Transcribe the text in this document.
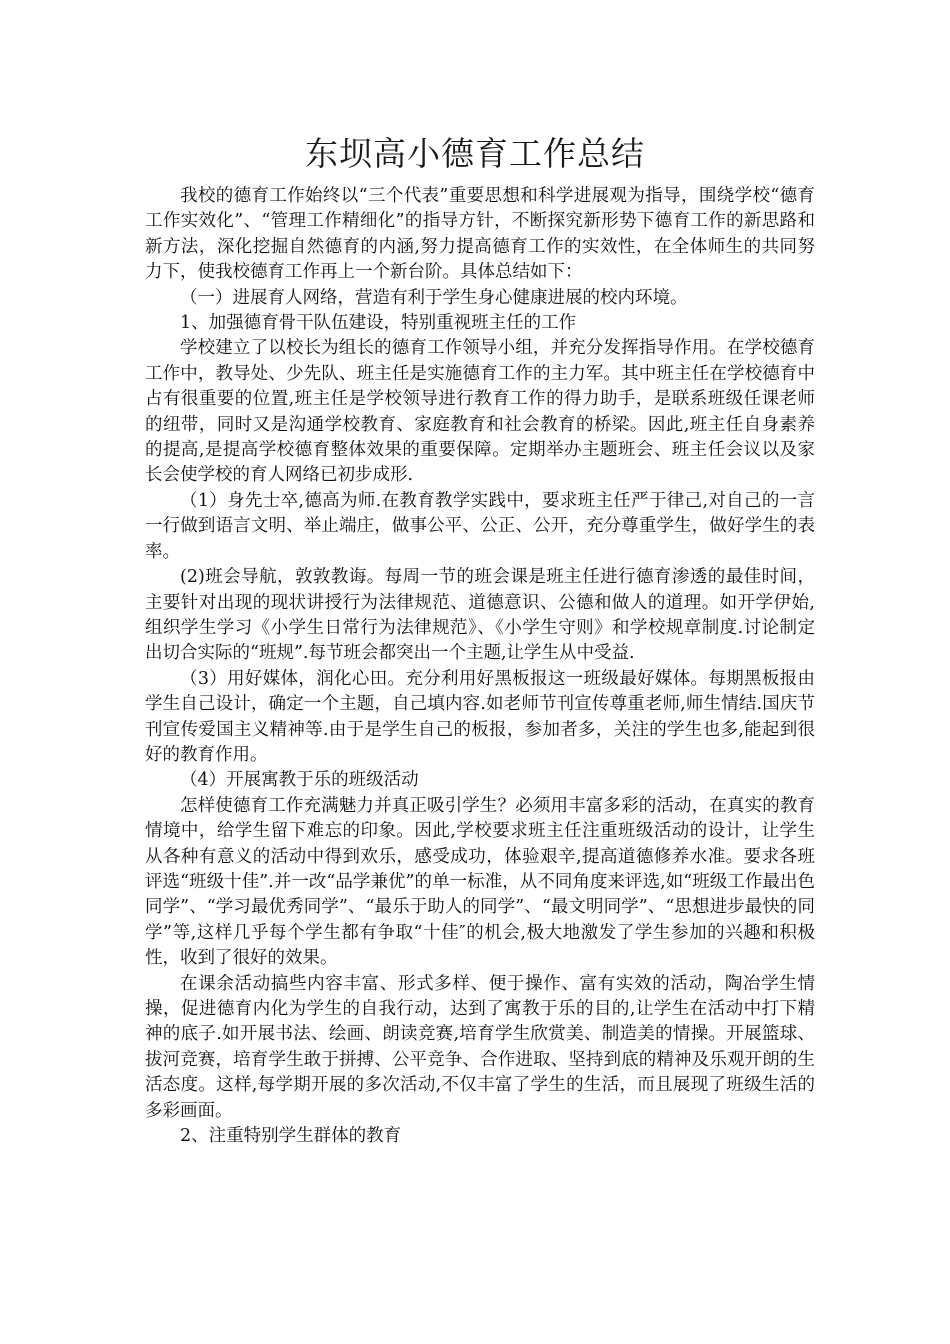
东坝高小德育工作总结

我校的德育工作始终以“三个代表”重要思想和科学进展观为指导，围绕学校“德育工作实效化”、“管理工作精细化”的指导方针，不断探究新形势下德育工作的新思路和新方法，深化挖掘自然德育的内涵,努力提高德育工作的实效性，在全体师生的共同努力下，使我校德育工作再上一个新台阶。具体总结如下：

（一）进展育人网络，营造有利于学生身心健康进展的校内环境。

1、加强德育骨干队伍建设，特别重视班主任的工作

学校建立了以校长为组长的德育工作领导小组，并充分发挥指导作用。在学校德育工作中，教导处、少先队、班主任是实施德育工作的主力军。其中班主任在学校德育中占有很重要的位置,班主任是学校领导进行教育工作的得力助手，是联系班级任课老师的纽带，同时又是沟通学校教育、家庭教育和社会教育的桥梁。因此,班主任自身素养的提高,是提高学校德育整体效果的重要保障。定期举办主题班会、班主任会议以及家长会使学校的育人网络已初步成形.

（1）身先士卒,德高为师.在教育教学实践中，要求班主任严于律己,对自己的一言一行做到语言文明、举止端庄，做事公平、公正、公开，充分尊重学生，做好学生的表率。

(2)班会导航，敦敦教诲。每周一节的班会课是班主任进行德育渗透的最佳时间，主要针对出现的现状讲授行为法律规范、道德意识、公德和做人的道理。如开学伊始,组织学生学习《小学生日常行为法律规范》、《小学生守则》和学校规章制度.讨论制定出切合实际的“班规”.每节班会都突出一个主题,让学生从中受益.

（3）用好媒体，润化心田。充分利用好黑板报这一班级最好媒体。每期黑板报由学生自己设计，确定一个主题，自己填内容.如老师节刊宣传尊重老师,师生情结.国庆节刊宣传爱国主义精神等.由于是学生自己的板报，参加者多，关注的学生也多,能起到很好的教育作用。

（4）开展寓教于乐的班级活动

怎样使德育工作充满魅力并真正吸引学生？必须用丰富多彩的活动，在真实的教育情境中，给学生留下难忘的印象。因此,学校要求班主任注重班级活动的设计，让学生从各种有意义的活动中得到欢乐，感受成功，体验艰辛,提高道德修养水准。要求各班评选“班级十佳”.并一改“品学兼优”的单一标准，从不同角度来评选,如“班级工作最出色同学”、“学习最优秀同学”、“最乐于助人的同学”、“最文明同学”、“思想进步最快的同学”等,这样几乎每个学生都有争取“十佳″的机会,极大地激发了学生参加的兴趣和积极性，收到了很好的效果。

在课余活动搞些内容丰富、形式多样、便于操作、富有实效的活动，陶冶学生情操，促进德育内化为学生的自我行动，达到了寓教于乐的目的,让学生在活动中打下精神的底子.如开展书法、绘画、朗读竞赛,培育学生欣赏美、制造美的情操。开展篮球、拔河竞赛，培育学生敢于拼搏、公平竞争、合作进取、坚持到底的精神及乐观开朗的生活态度。这样,每学期开展的多次活动,不仅丰富了学生的生活，而且展现了班级生活的多彩画面。

2、注重特别学生群体的教育
